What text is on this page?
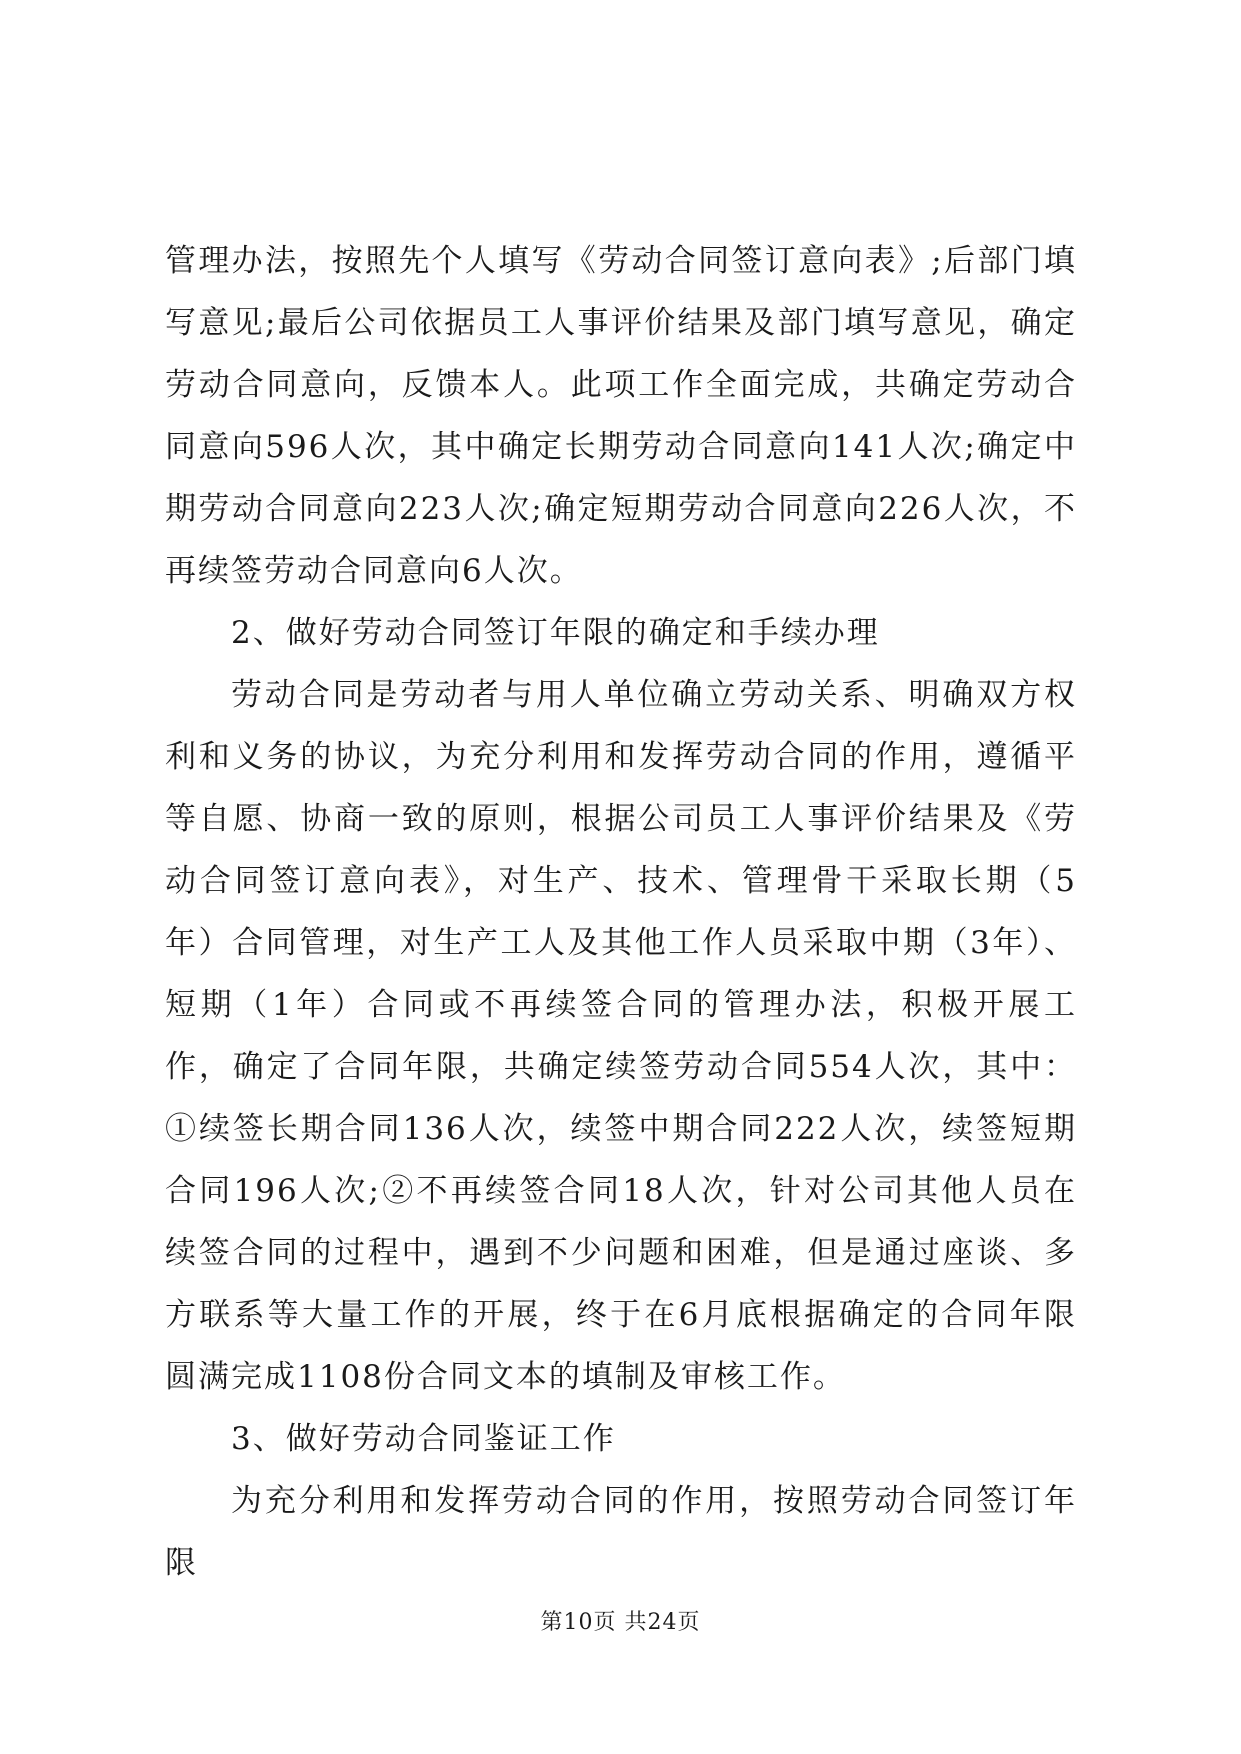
管理办法，按照先个人填写《劳动合同签订意向表》;后部门填写意见;最后公司依据员工人事评价结果及部门填写意见，确定劳动合同意向，反馈本人。此项工作全面完成，共确定劳动合同意向596人次，其中确定长期劳动合同意向141人次;确定中期劳动合同意向223人次;确定短期劳动合同意向226人次，不再续签劳动合同意向6人次。

2、做好劳动合同签订年限的确定和手续办理

劳动合同是劳动者与用人单位确立劳动关系、明确双方权利和义务的协议，为充分利用和发挥劳动合同的作用，遵循平等自愿、协商一致的原则，根据公司员工人事评价结果及《劳动合同签订意向表》，对生产、技术、管理骨干采取长期（5年）合同管理，对生产工人及其他工作人员采取中期（3年）、短期（1年）合同或不再续签合同的管理办法，积极开展工作，确定了合同年限，共确定续签劳动合同554人次，其中：①续签长期合同136人次，续签中期合同222人次，续签短期合同196人次;②不再续签合同18人次，针对公司其他人员在续签合同的过程中，遇到不少问题和困难，但是通过座谈、多方联系等大量工作的开展，终于在6月底根据确定的合同年限圆满完成1108份合同文本的填制及审核工作。

3、做好劳动合同鉴证工作

为充分利用和发挥劳动合同的作用，按照劳动合同签订年限

第10页 共24页
